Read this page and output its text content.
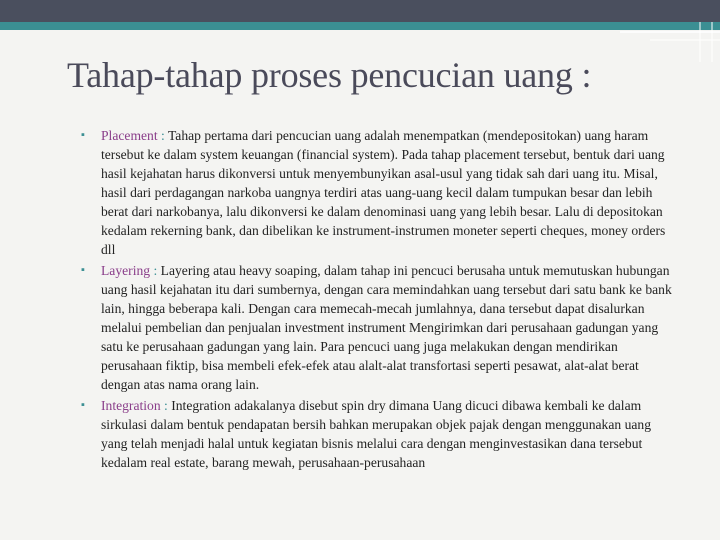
Tahap-tahap proses pencucian uang :
▪ Placement : Tahap pertama dari pencucian uang adalah menempatkan (mendepositokan) uang haram tersebut ke dalam system keuangan (financial system). Pada tahap placement tersebut, bentuk dari uang hasil kejahatan harus dikonversi untuk menyembunyikan asal-usul yang tidak sah dari uang itu. Misal, hasil dari perdagangan narkoba uangnya terdiri atas uang-uang kecil dalam tumpukan besar dan lebih berat dari narkobanya, lalu dikonversi ke dalam denominasi uang yang lebih besar. Lalu di depositokan kedalam rekerning bank, dan dibelikan ke instrument-instrumen moneter seperti cheques, money orders dll
▪ Layering : Layering atau heavy soaping, dalam tahap ini pencuci berusaha untuk memutuskan hubungan uang hasil kejahatan itu dari sumbernya, dengan cara memindahkan uang tersebut dari satu bank ke bank lain, hingga beberapa kali. Dengan cara memecah-mecah jumlahnya, dana tersebut dapat disalurkan melalui pembelian dan penjualan investment instrument Mengirimkan dari perusahaan gadungan yang satu ke perusahaan gadungan yang lain. Para pencuci uang juga melakukan dengan mendirikan perusahaan fiktip, bisa membeli efek-efek atau alalt-alat transfortasi seperti pesawat, alat-alat berat dengan atas nama orang lain.
▪ Integration : Integration adakalanya disebut spin dry dimana Uang dicuci dibawa kembali ke dalam sirkulasi dalam bentuk pendapatan bersih bahkan merupakan objek pajak dengan menggunakan uang yang telah menjadi halal untuk kegiatan bisnis melalui cara dengan menginvestasikan dana tersebut kedalam real estate, barang mewah, perusahaan-perusahaan
